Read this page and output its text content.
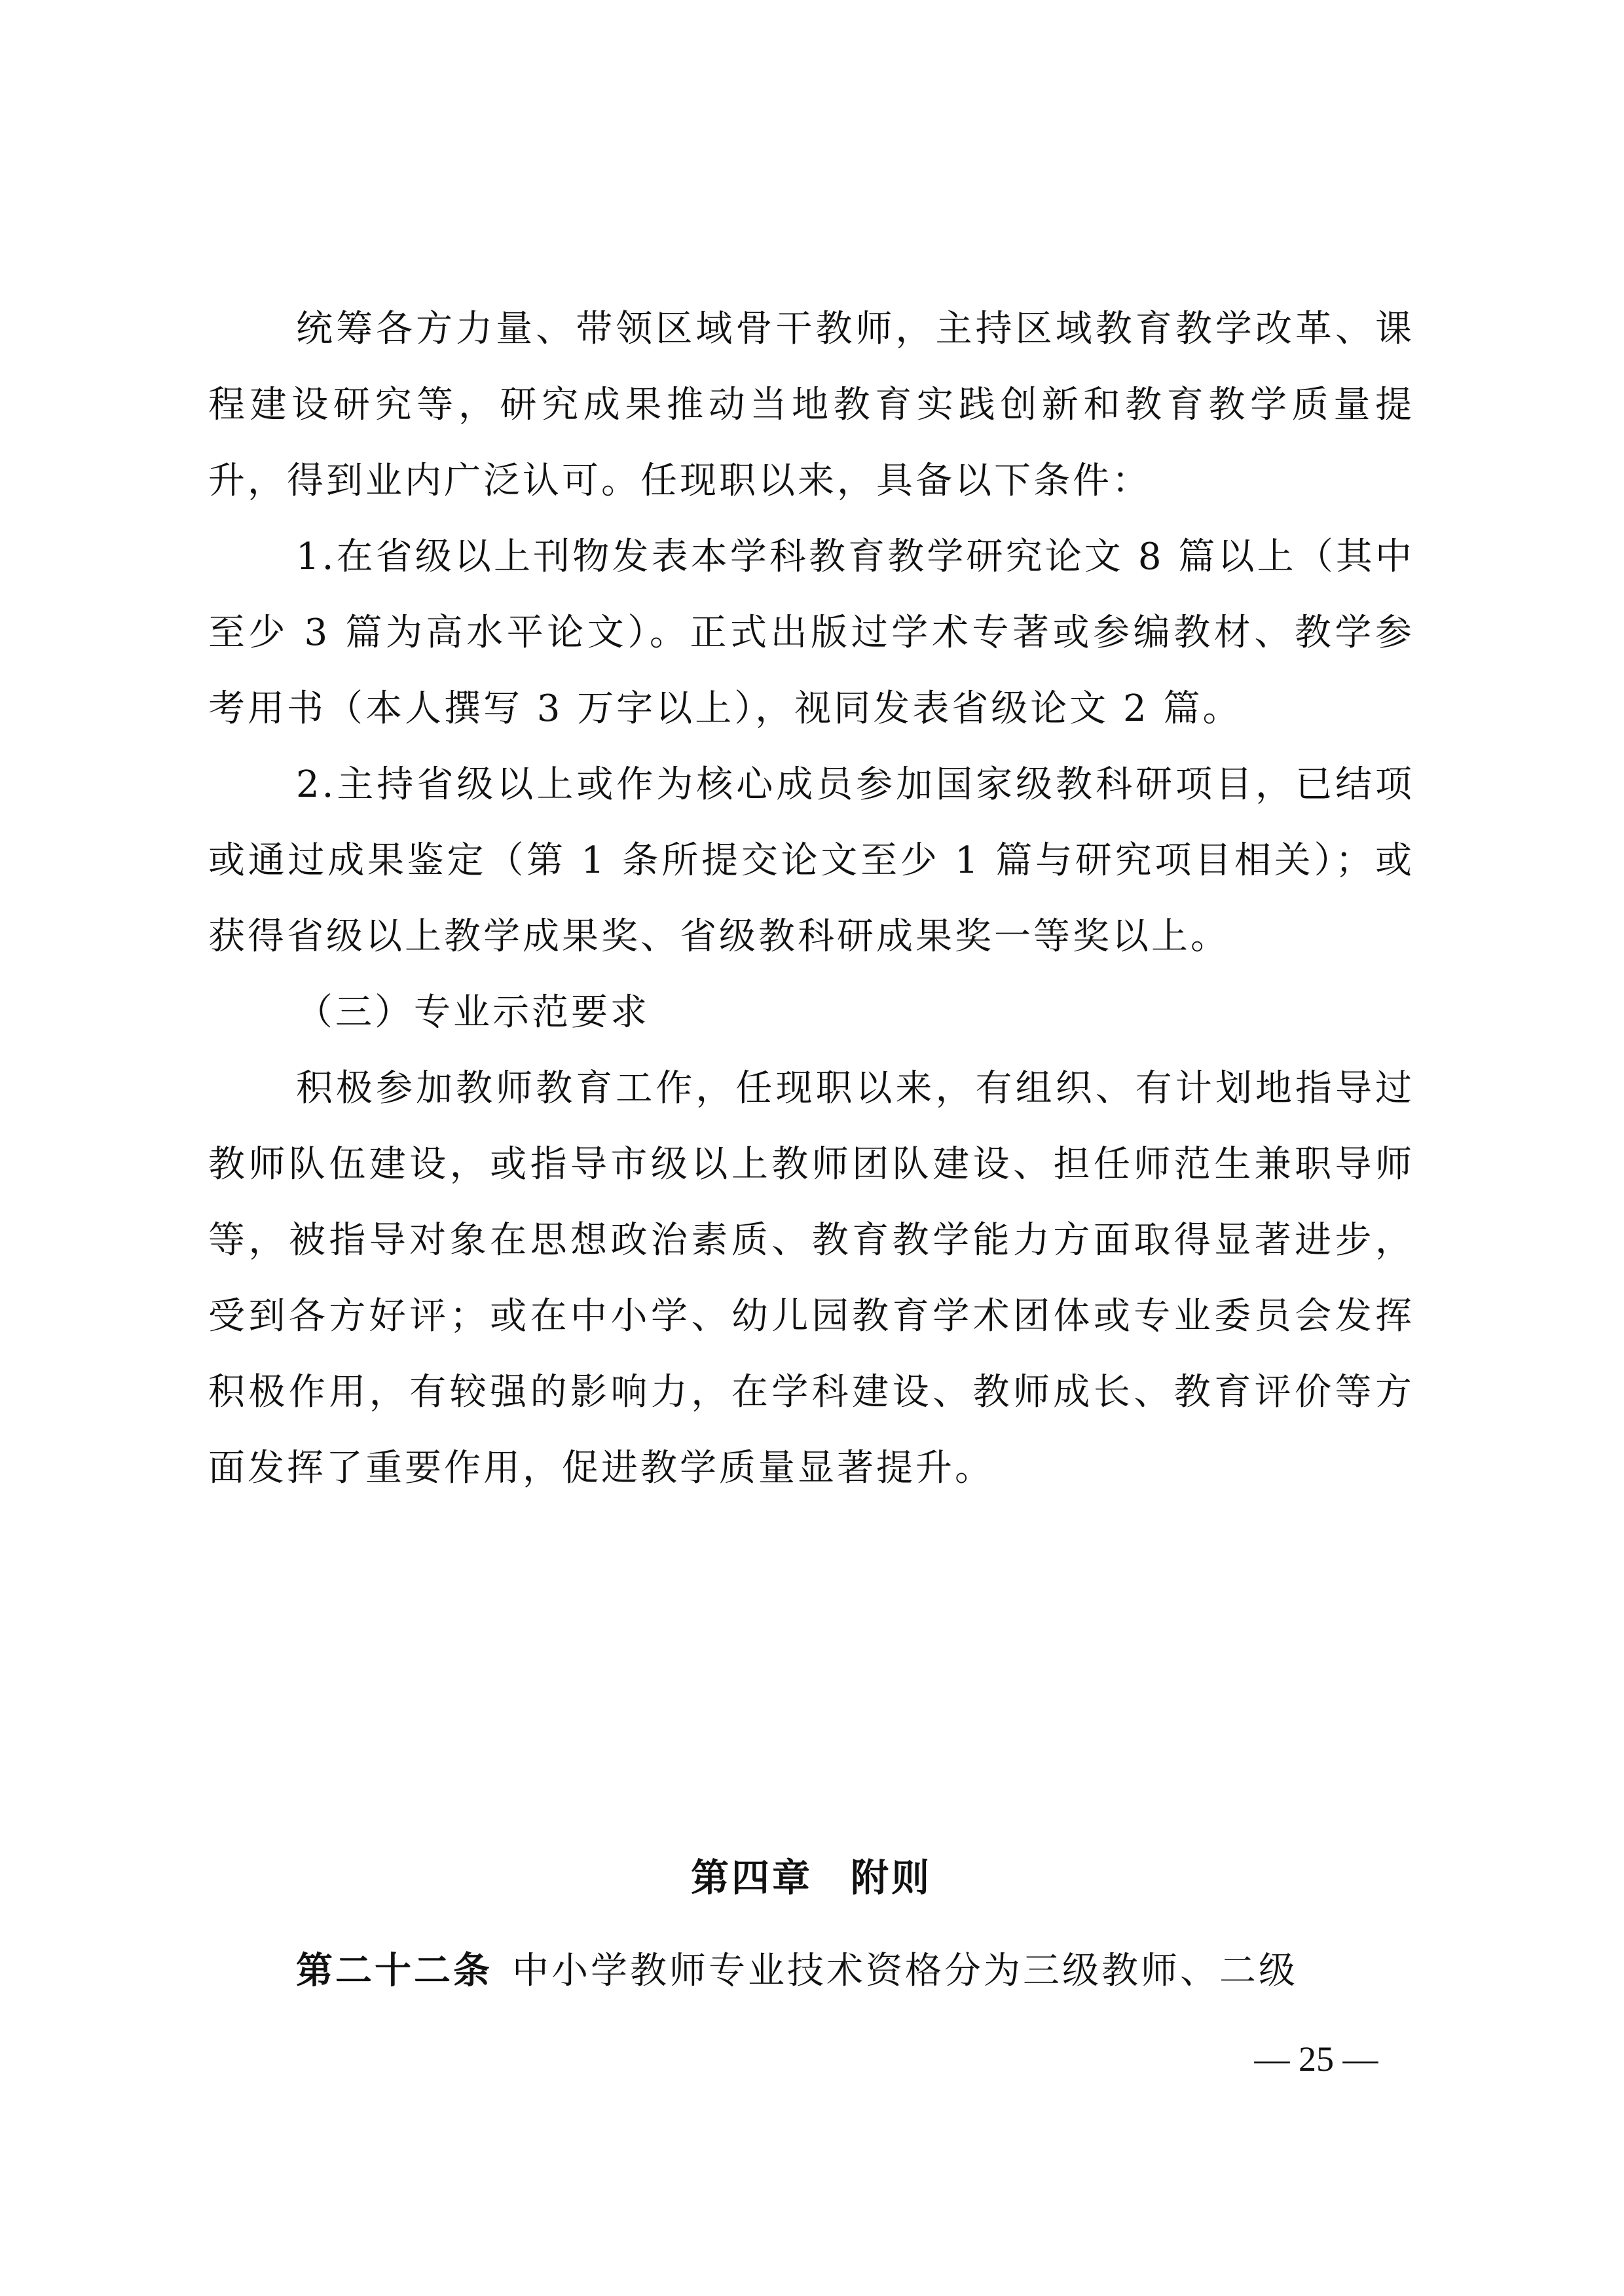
统筹各方力量、带领区域骨干教师，主持区域教育教学改革、课程建设研究等，研究成果推动当地教育实践创新和教育教学质量提升，得到业内广泛认可。任现职以来，具备以下条件：

1.在省级以上刊物发表本学科教育教学研究论文 8 篇以上（其中至少 3 篇为高水平论文）。正式出版过学术专著或参编教材、教学参考用书（本人撰写 3 万字以上），视同发表省级论文 2 篇。

2.主持省级以上或作为核心成员参加国家级教科研项目，已结项或通过成果鉴定（第 1 条所提交论文至少 1 篇与研究项目相关）；或获得省级以上教学成果奖、省级教科研成果奖一等奖以上。

（三）专业示范要求

积极参加教师教育工作，任现职以来，有组织、有计划地指导过教师队伍建设，或指导市级以上教师团队建设、担任师范生兼职导师等，被指导对象在思想政治素质、教育教学能力方面取得显著进步，受到各方好评；或在中小学、幼儿园教育学术团体或专业委员会发挥积极作用，有较强的影响力，在学科建设、教师成长、教育评价等方面发挥了重要作用，促进教学质量显著提升。

第四章 附则

第二十二条 中小学教师专业技术资格分为三级教师、二级

— 25 —
